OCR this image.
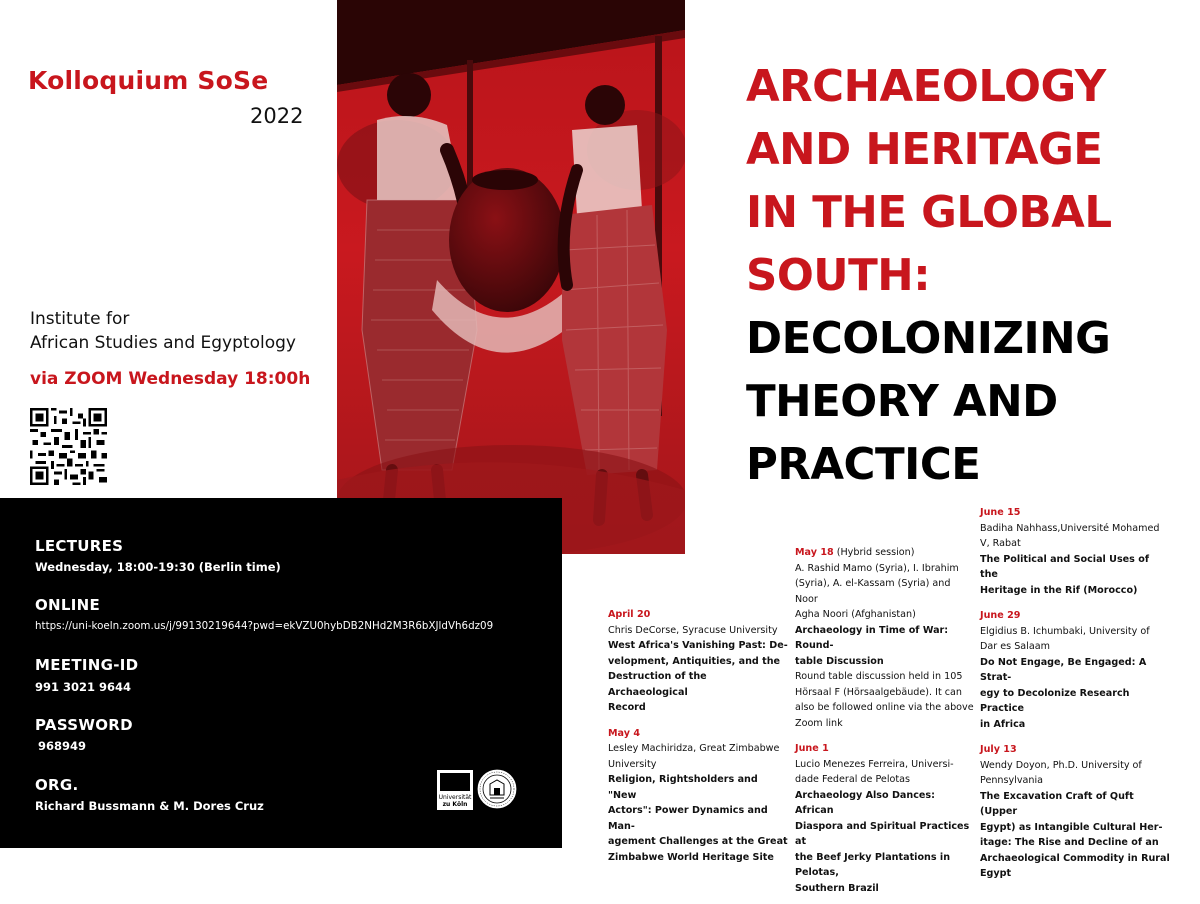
Kolloquium SoSe
2022
Institute for
African Studies and Egyptology
via ZOOM Wednesday 18:00h
ARCHAEOLOGY
AND HERITAGE
IN THE GLOBAL
SOUTH:
DECOLONIZING
THEORY AND
PRACTICE
LECTURES
Wednesday, 18:00-19:30 (Berlin time)
ONLINE
https://uni-koeln.zoom.us/j/99130219644?pwd=ekVZU0hybDB2NHd2M3R6bXJldVh6dz09
MEETING-ID
991 3021 9644
PASSWORD
968949
ORG.
Richard Bussmann & M. Dores Cruz
Universität
zu Köln

April 20

Chris DeCorse, Syracuse University

West Africa's Vanishing Past: De-

velopment, Antiquities, and the

Destruction of the Archaeological

Record

May 4

Lesley Machiridza, Great Zimbabwe

University

Religion, Rightsholders and "New

Actors": Power Dynamics and Man-

agement Challenges at the Great

Zimbabwe World Heritage Site

May 18 (Hybrid session)

A. Rashid Mamo (Syria), I. Ibrahim

(Syria), A. el-Kassam (Syria) and Noor

Agha Noori (Afghanistan)

Archaeology in Time of War: Round-

table Discussion

Round table discussion held in 105

Hörsaal F (Hörsaalgebäude). It can

also be followed online via the above

Zoom link

June 1

Lucio Menezes Ferreira, Universi-

dade Federal de Pelotas

Archaeology Also Dances: African

Diaspora and Spiritual Practices at

the Beef Jerky Plantations in Pelotas,

Southern Brazil

June 15

Badiha Nahhass,Université Mohamed

V, Rabat

The Political and Social Uses of the

Heritage in the Rif (Morocco)

June 29

Elgidius B. Ichumbaki, University of

Dar es Salaam

Do Not Engage, Be Engaged: A Strat-

egy to Decolonize Research Practice

in Africa

July 13

Wendy Doyon, Ph.D. University of

Pennsylvania

The Excavation Craft of Quft (Upper

Egypt) as Intangible Cultural Her-

itage: The Rise and Decline of an

Archaeological Commodity in Rural

Egypt
